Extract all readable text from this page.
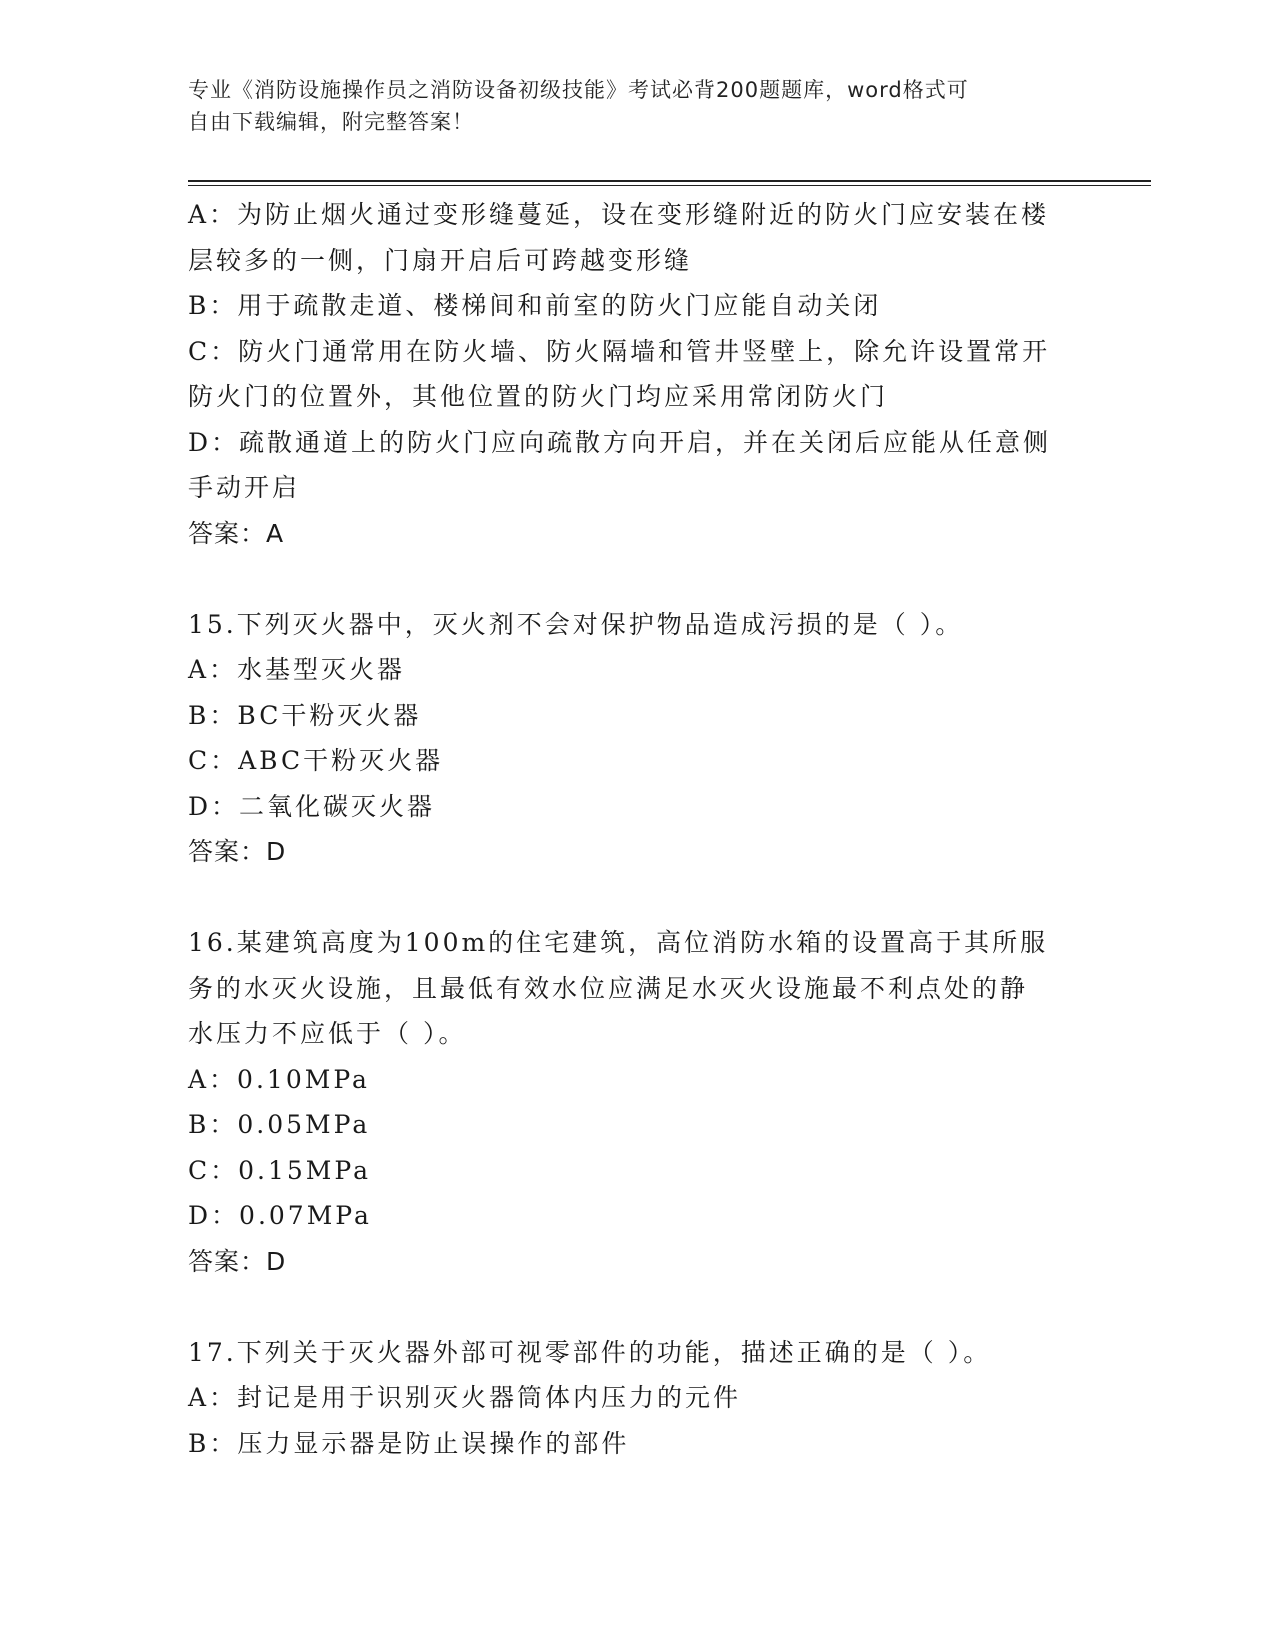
专业《消防设施操作员之消防设备初级技能》考试必背200题题库，word格式可
自由下载编辑，附完整答案！
A：为防止烟火通过变形缝蔓延，设在变形缝附近的防火门应安装在楼
层较多的一侧，门扇开启后可跨越变形缝
B：用于疏散走道、楼梯间和前室的防火门应能自动关闭
C：防火门通常用在防火墙、防火隔墙和管井竖壁上，除允许设置常开
防火门的位置外，其他位置的防火门均应采用常闭防火门
D：疏散通道上的防火门应向疏散方向开启，并在关闭后应能从任意侧
手动开启
答案：A
15.下列灭火器中，灭火剂不会对保护物品造成污损的是（ ）。
A：水基型灭火器
B：BC干粉灭火器
C：ABC干粉灭火器
D：二氧化碳灭火器
答案：D
16.某建筑高度为100m的住宅建筑，高位消防水箱的设置高于其所服
务的水灭火设施，且最低有效水位应满足水灭火设施最不利点处的静
水压力不应低于（ ）。
A：0.10MPa
B：0.05MPa
C：0.15MPa
D：0.07MPa
答案：D
17.下列关于灭火器外部可视零部件的功能，描述正确的是（ ）。
A：封记是用于识别灭火器筒体内压力的元件
B：压力显示器是防止误操作的部件
